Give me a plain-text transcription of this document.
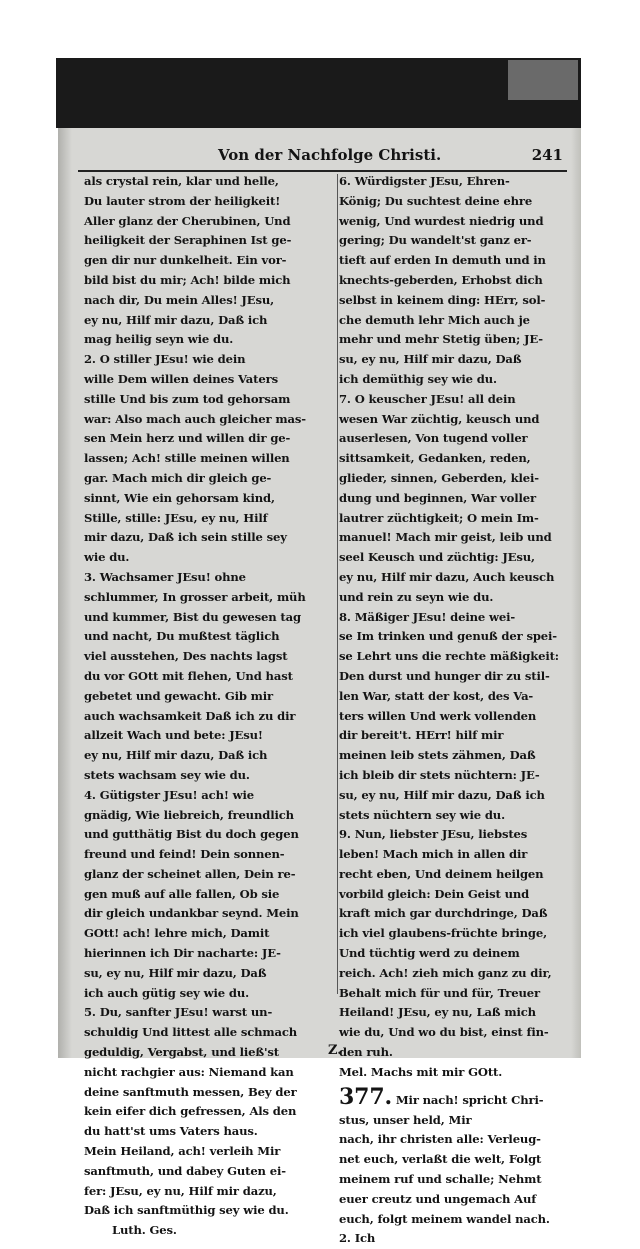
Von der Nachfolge Christi.	241
als crystal rein, klar und helle,
Du lauter strom der heiligkeit!
Aller glanz der Cherubinen, Und
heiligkeit der Seraphinen Ist ge-
gen dir nur dunkelheit. Ein vor-
bild bist du mir; Ach! bilde mich
nach dir, Du mein Alles! JEsu,
ey nu, Hilf mir dazu, Daß ich
mag heilig seyn wie du.
2. O stiller JEsu! wie dein
wille Dem willen deines Vaters
stille Und bis zum tod gehorsam
war: Also mach auch gleicher mas-
sen Mein herz und willen dir ge-
lassen; Ach! stille meinen willen
gar. Mach mich dir gleich ge-
sinnt, Wie ein gehorsam kind,
Stille, stille: JEsu, ey nu, Hilf
mir dazu, Daß ich sein stille sey
wie du.
3. Wachsamer JEsu! ohne
schlummer, In grosser arbeit, müh
und kummer, Bist du gewesen tag
und nacht, Du mußtest täglich
viel ausstehen, Des nachts lagst
du vor GOtt mit flehen, Und hast
gebetet und gewacht. Gib mir
auch wachsamkeit Daß ich zu dir
allzeit Wach und bete: JEsu!
ey nu, Hilf mir dazu, Daß ich
stets wachsam sey wie du.
4. Gütigster JEsu! ach! wie
gnädig, Wie liebreich, freundlich
und gutthätig Bist du doch gegen
freund und feind! Dein sonnen-
glanz der scheinet allen, Dein re-
gen muß auf alle fallen, Ob sie
dir gleich undankbar seynd. Mein
GOtt! ach! lehre mich, Damit
hierinnen ich Dir nacharte: JE-
su, ey nu, Hilf mir dazu, Daß
ich auch gütig sey wie du.
5. Du, sanfter JEsu! warst un-
schuldig Und littest alle schmach
geduldig, Vergabst, und ließ'st
nicht rachgier aus: Niemand kan
deine sanftmuth messen, Bey der
kein eifer dich gefressen, Als den
du hatt'st ums Vaters haus.
Mein Heiland, ach! verleih Mir
sanftmuth, und dabey Guten ei-
fer: JEsu, ey nu, Hilf mir dazu,
Daß ich sanftmüthig sey wie du.
Luth. Ges.
6. Würdigster JEsu, Ehren-
König; Du suchtest deine ehre
wenig, Und wurdest niedrig und
gering; Du wandelt'st ganz er-
tieft auf erden In demuth und in
knechts-geberden, Erhobst dich
selbst in keinem ding: HErr, sol-
che demuth lehr Mich auch je
mehr und mehr Stetig üben; JE-
su, ey nu, Hilf mir dazu, Daß
ich demüthig sey wie du.
7. O keuscher JEsu! all dein
wesen War züchtig, keusch und
auserlesen, Von tugend voller
sittsamkeit, Gedanken, reden,
glieder, sinnen, Geberden, klei-
dung und beginnen, War voller
lautrer züchtigkeit; O mein Im-
manuel! Mach mir geist, leib und
seel Keusch und züchtig: JEsu,
ey nu, Hilf mir dazu, Auch keusch
und rein zu seyn wie du.
8. Mäßiger JEsu! deine wei-
se Im trinken und genuß der spei-
se Lehrt uns die rechte mäßigkeit:
Den durst und hunger dir zu stil-
len War, statt der kost, des Va-
ters willen Und werk vollenden
dir bereit't. HErr! hilf mir
meinen leib stets zähmen, Daß
ich bleib dir stets nüchtern: JE-
su, ey nu, Hilf mir dazu, Daß ich
stets nüchtern sey wie du.
9. Nun, liebster JEsu, liebstes
leben! Mach mich in allen dir
recht eben, Und deinem heilgen
vorbild gleich: Dein Geist und
kraft mich gar durchdringe, Daß
ich viel glaubens-früchte bringe,
Und tüchtig werd zu deinem
reich. Ach! zieh mich ganz zu dir,
Behalt mich für und für, Treuer
Heiland! JEsu, ey nu, Laß mich
wie du, Und wo du bist, einst fin-
den ruh.
Mel. Machs mit mir GOtt.
377. Mir nach! spricht Chri-
stus, unser held, Mir
nach, ihr christen alle: Verleug-
net euch, verlaßt die welt, Folgt
meinem ruf und schalle; Nehmt
euer creutz und ungemach Auf
euch, folgt meinem wandel nach.
2. Ich
Z.
